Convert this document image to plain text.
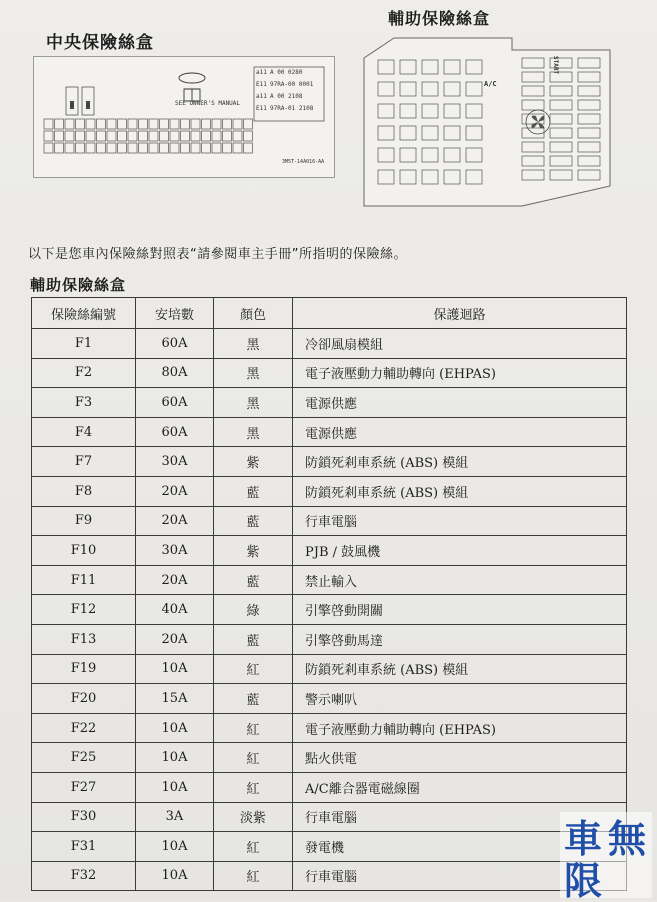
中央保險絲盒
SEE OWNER'S MANUAL
a11 A 00 0280
E11 97RA-00 0001
a11 A 00 2108
E11 97RA-01 2108
3M5T-14A016-AA
輔助保險絲盒
A/C
START
以下是您車內保險絲對照表“請參閱車主手冊”所指明的保險絲。
輔助保險絲盒
保險絲編號	安培數	顏色	保護迴路
F1	60A	黑	冷卻風扇模組
F2	80A	黑	電子液壓動力輔助轉向 (EHPAS)
F3	60A	黑	電源供應
F4	60A	黑	電源供應
F7	30A	紫	防鎖死剎車系統 (ABS) 模組
F8	20A	藍	防鎖死剎車系統 (ABS) 模組
F9	20A	藍	行車電腦
F10	30A	紫	PJB / 鼓風機
F11	20A	藍	禁止輸入
F12	40A	綠	引擎啓動開關
F13	20A	藍	引擎啓動馬達
F19	10A	紅	防鎖死剎車系統 (ABS) 模組
F20	15A	藍	警示喇叭
F22	10A	紅	電子液壓動力輔助轉向 (EHPAS)
F25	10A	紅	點火供電
F27	10A	紅	A/C離合器電磁線圈
F30	3A	淡紫	行車電腦
F31	10A	紅	發電機
F32	10A	紅	行車電腦
車 無
限
